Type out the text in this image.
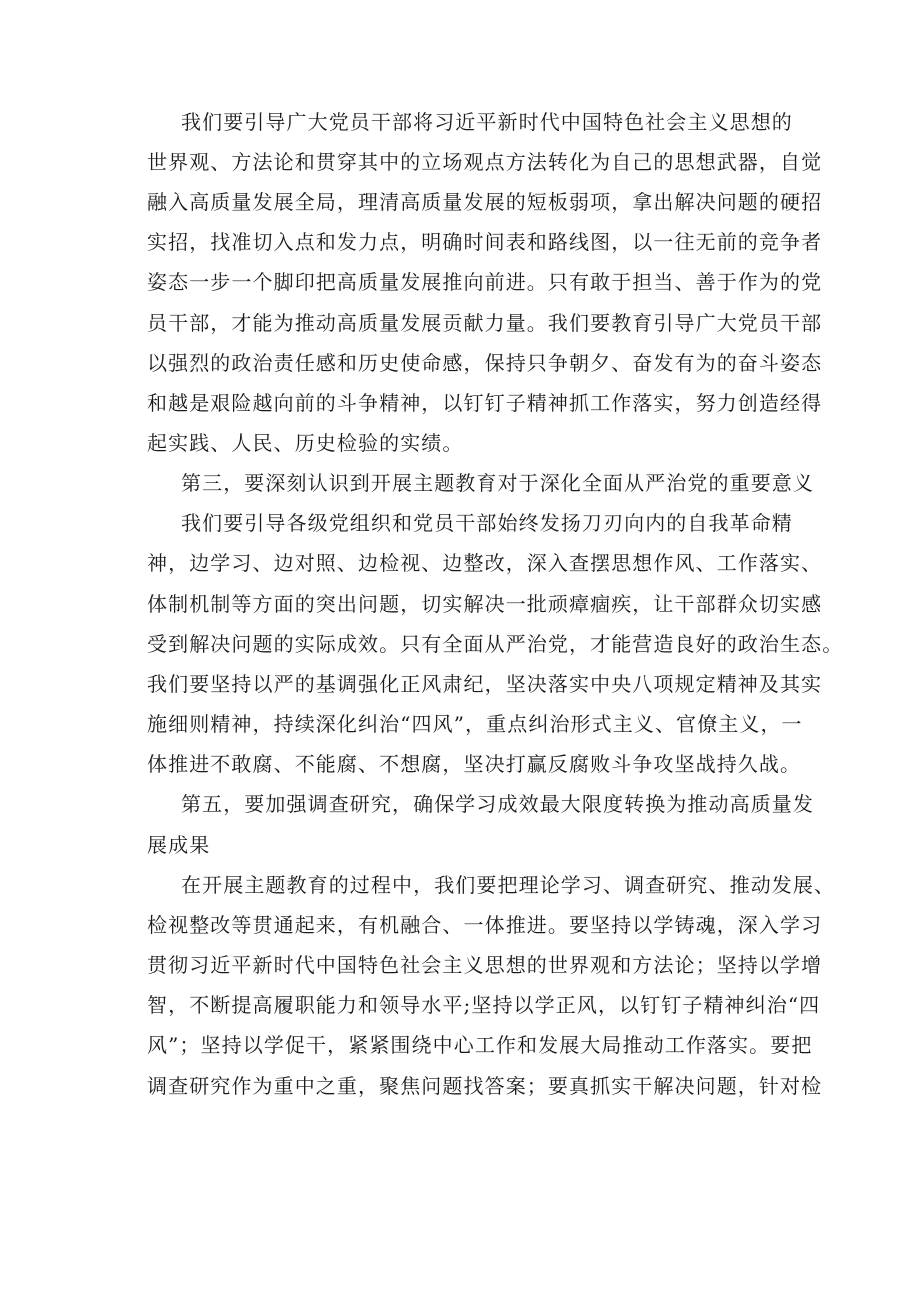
我们要引导广大党员干部将习近平新时代中国特色社会主义思想的
世界观、方法论和贯穿其中的立场观点方法转化为自己的思想武器，自觉
融入高质量发展全局，理清高质量发展的短板弱项，拿出解决问题的硬招
实招，找准切入点和发力点，明确时间表和路线图，以一往无前的竞争者
姿态一步一个脚印把高质量发展推向前进。只有敢于担当、善于作为的党
员干部，才能为推动高质量发展贡献力量。我们要教育引导广大党员干部
以强烈的政治责任感和历史使命感，保持只争朝夕、奋发有为的奋斗姿态
和越是艰险越向前的斗争精神，以钉钉子精神抓工作落实，努力创造经得
起实践、人民、历史检验的实绩。
第三，要深刻认识到开展主题教育对于深化全面从严治党的重要意义
我们要引导各级党组织和党员干部始终发扬刀刃向内的自我革命精
神，边学习、边对照、边检视、边整改，深入查摆思想作风、工作落实、
体制机制等方面的突出问题，切实解决一批顽瘴痼疾，让干部群众切实感
受到解决问题的实际成效。只有全面从严治党，才能营造良好的政治生态。
我们要坚持以严的基调强化正风肃纪，坚决落实中央八项规定精神及其实
施细则精神，持续深化纠治“四风”，重点纠治形式主义、官僚主义，一
体推进不敢腐、不能腐、不想腐，坚决打赢反腐败斗争攻坚战持久战。
第五，要加强调查研究，确保学习成效最大限度转换为推动高质量发
展成果
在开展主题教育的过程中，我们要把理论学习、调查研究、推动发展、
检视整改等贯通起来，有机融合、一体推进。要坚持以学铸魂，深入学习
贯彻习近平新时代中国特色社会主义思想的世界观和方法论；坚持以学增
智，不断提高履职能力和领导水平;坚持以学正风，以钉钉子精神纠治“四
风”；坚持以学促干，紧紧围绕中心工作和发展大局推动工作落实。要把
调查研究作为重中之重，聚焦问题找答案；要真抓实干解决问题，针对检
